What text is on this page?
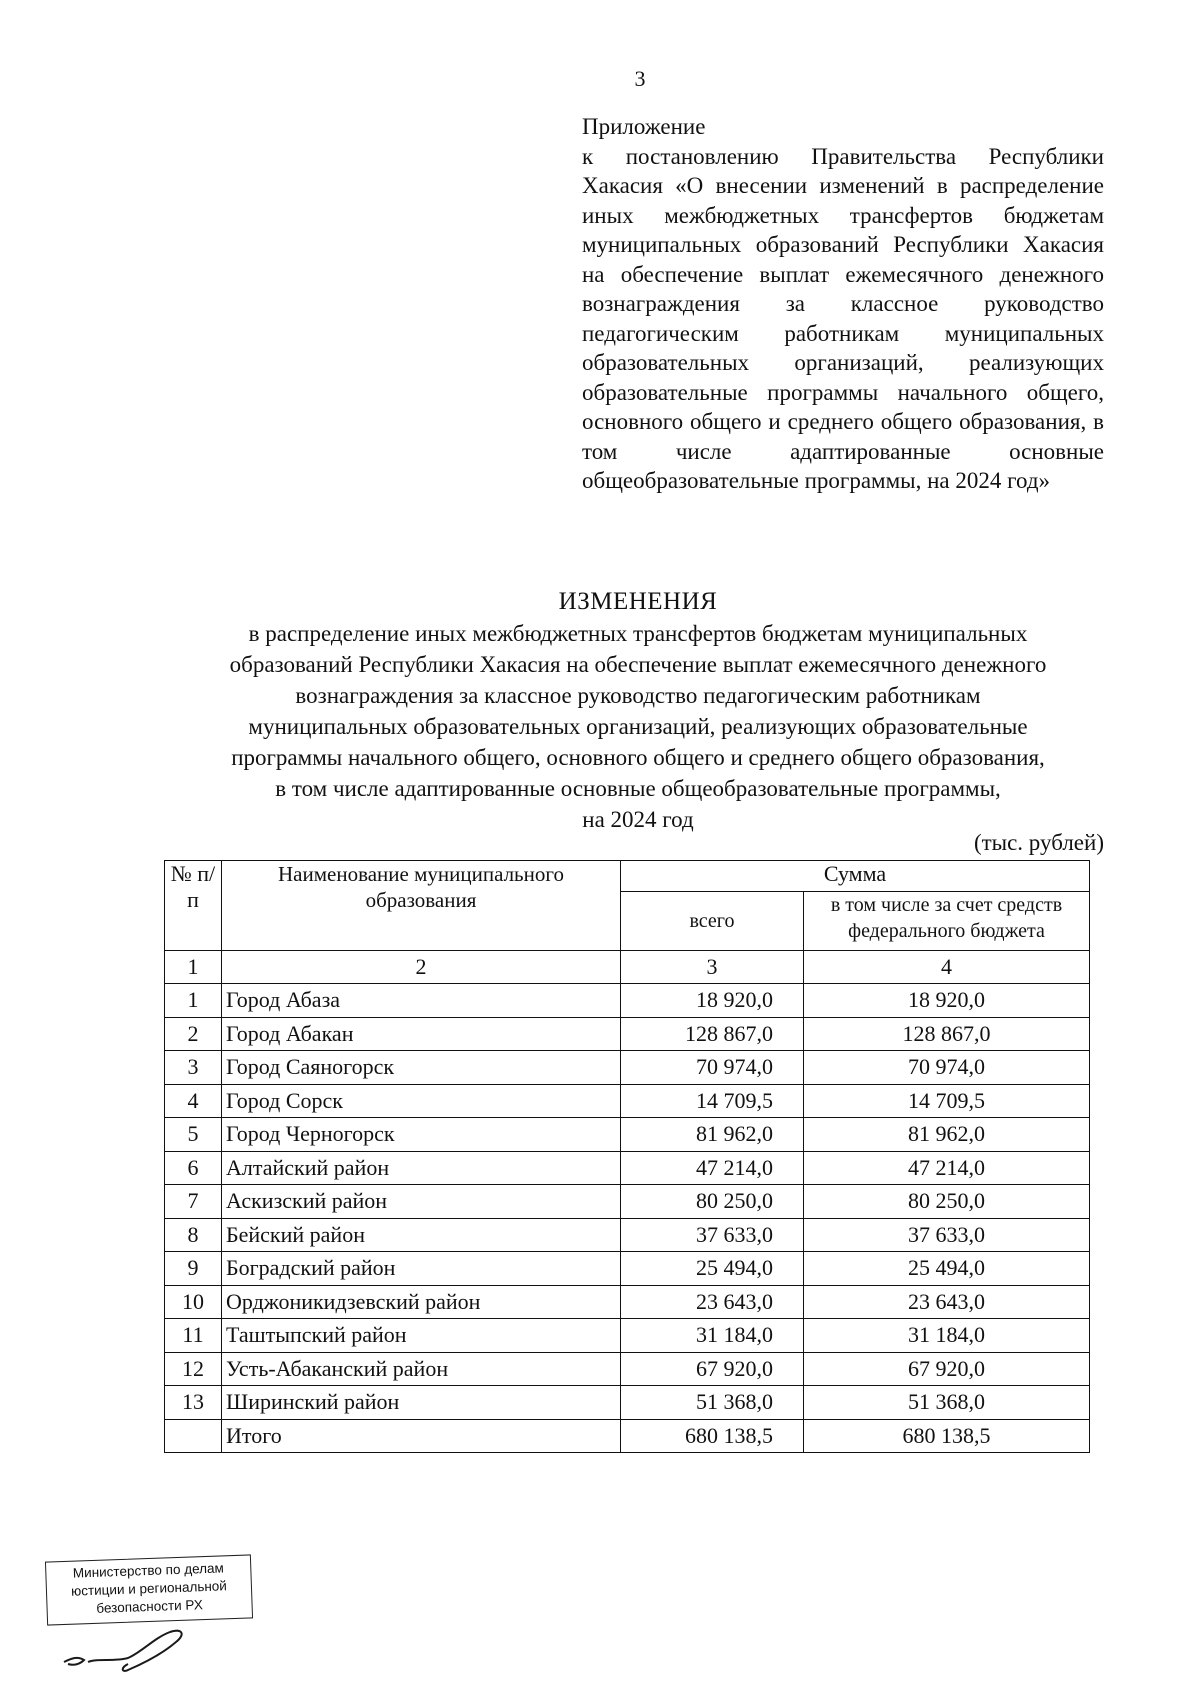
3
Приложение
к постановлению Правительства Республики Хакасия «О внесении изменений в распределение иных межбюджетных трансфертов бюджетам муниципальных образований Республики Хакасия на обеспечение выплат ежемесячного денежного вознаграждения за классное руководство педагогическим работникам муниципальных образовательных организаций, реализующих образовательные программы начального общего, основного общего и среднего общего образования, в том числе адаптированные основные общеобразовательные программы, на 2024 год»
ИЗМЕНЕНИЯ
в распределение иных межбюджетных трансфертов бюджетам муниципальных
образований Республики Хакасия на обеспечение выплат ежемесячного денежного
вознаграждения за классное руководство педагогическим работникам
муниципальных образовательных организаций, реализующих образовательные
программы начального общего, основного общего и среднего общего образования,
в том числе адаптированные основные общеобразовательные программы,
на 2024 год
(тыс. рублей)
№ п/п	Наименование муниципального образования	Сумма	
		всего	в том числе за счет средств федерального бюджета
1	2	3	4
1	Город Абаза	18 920,0	18 920,0
2	Город Абакан	128 867,0	128 867,0
3	Город Саяногорск	70 974,0	70 974,0
4	Город Сорск	14 709,5	14 709,5
5	Город Черногорск	81 962,0	81 962,0
6	Алтайский район	47 214,0	47 214,0
7	Аскизский район	80 250,0	80 250,0
8	Бейский район	37 633,0	37 633,0
9	Боградский район	25 494,0	25 494,0
10	Орджоникидзевский район	23 643,0	23 643,0
11	Таштыпский район	31 184,0	31 184,0
12	Усть-Абаканский район	67 920,0	67 920,0
13	Ширинский район	51 368,0	51 368,0
	Итого	680 138,5	680 138,5
Министерство по делам
юстиции и региональной
безопасности РХ
